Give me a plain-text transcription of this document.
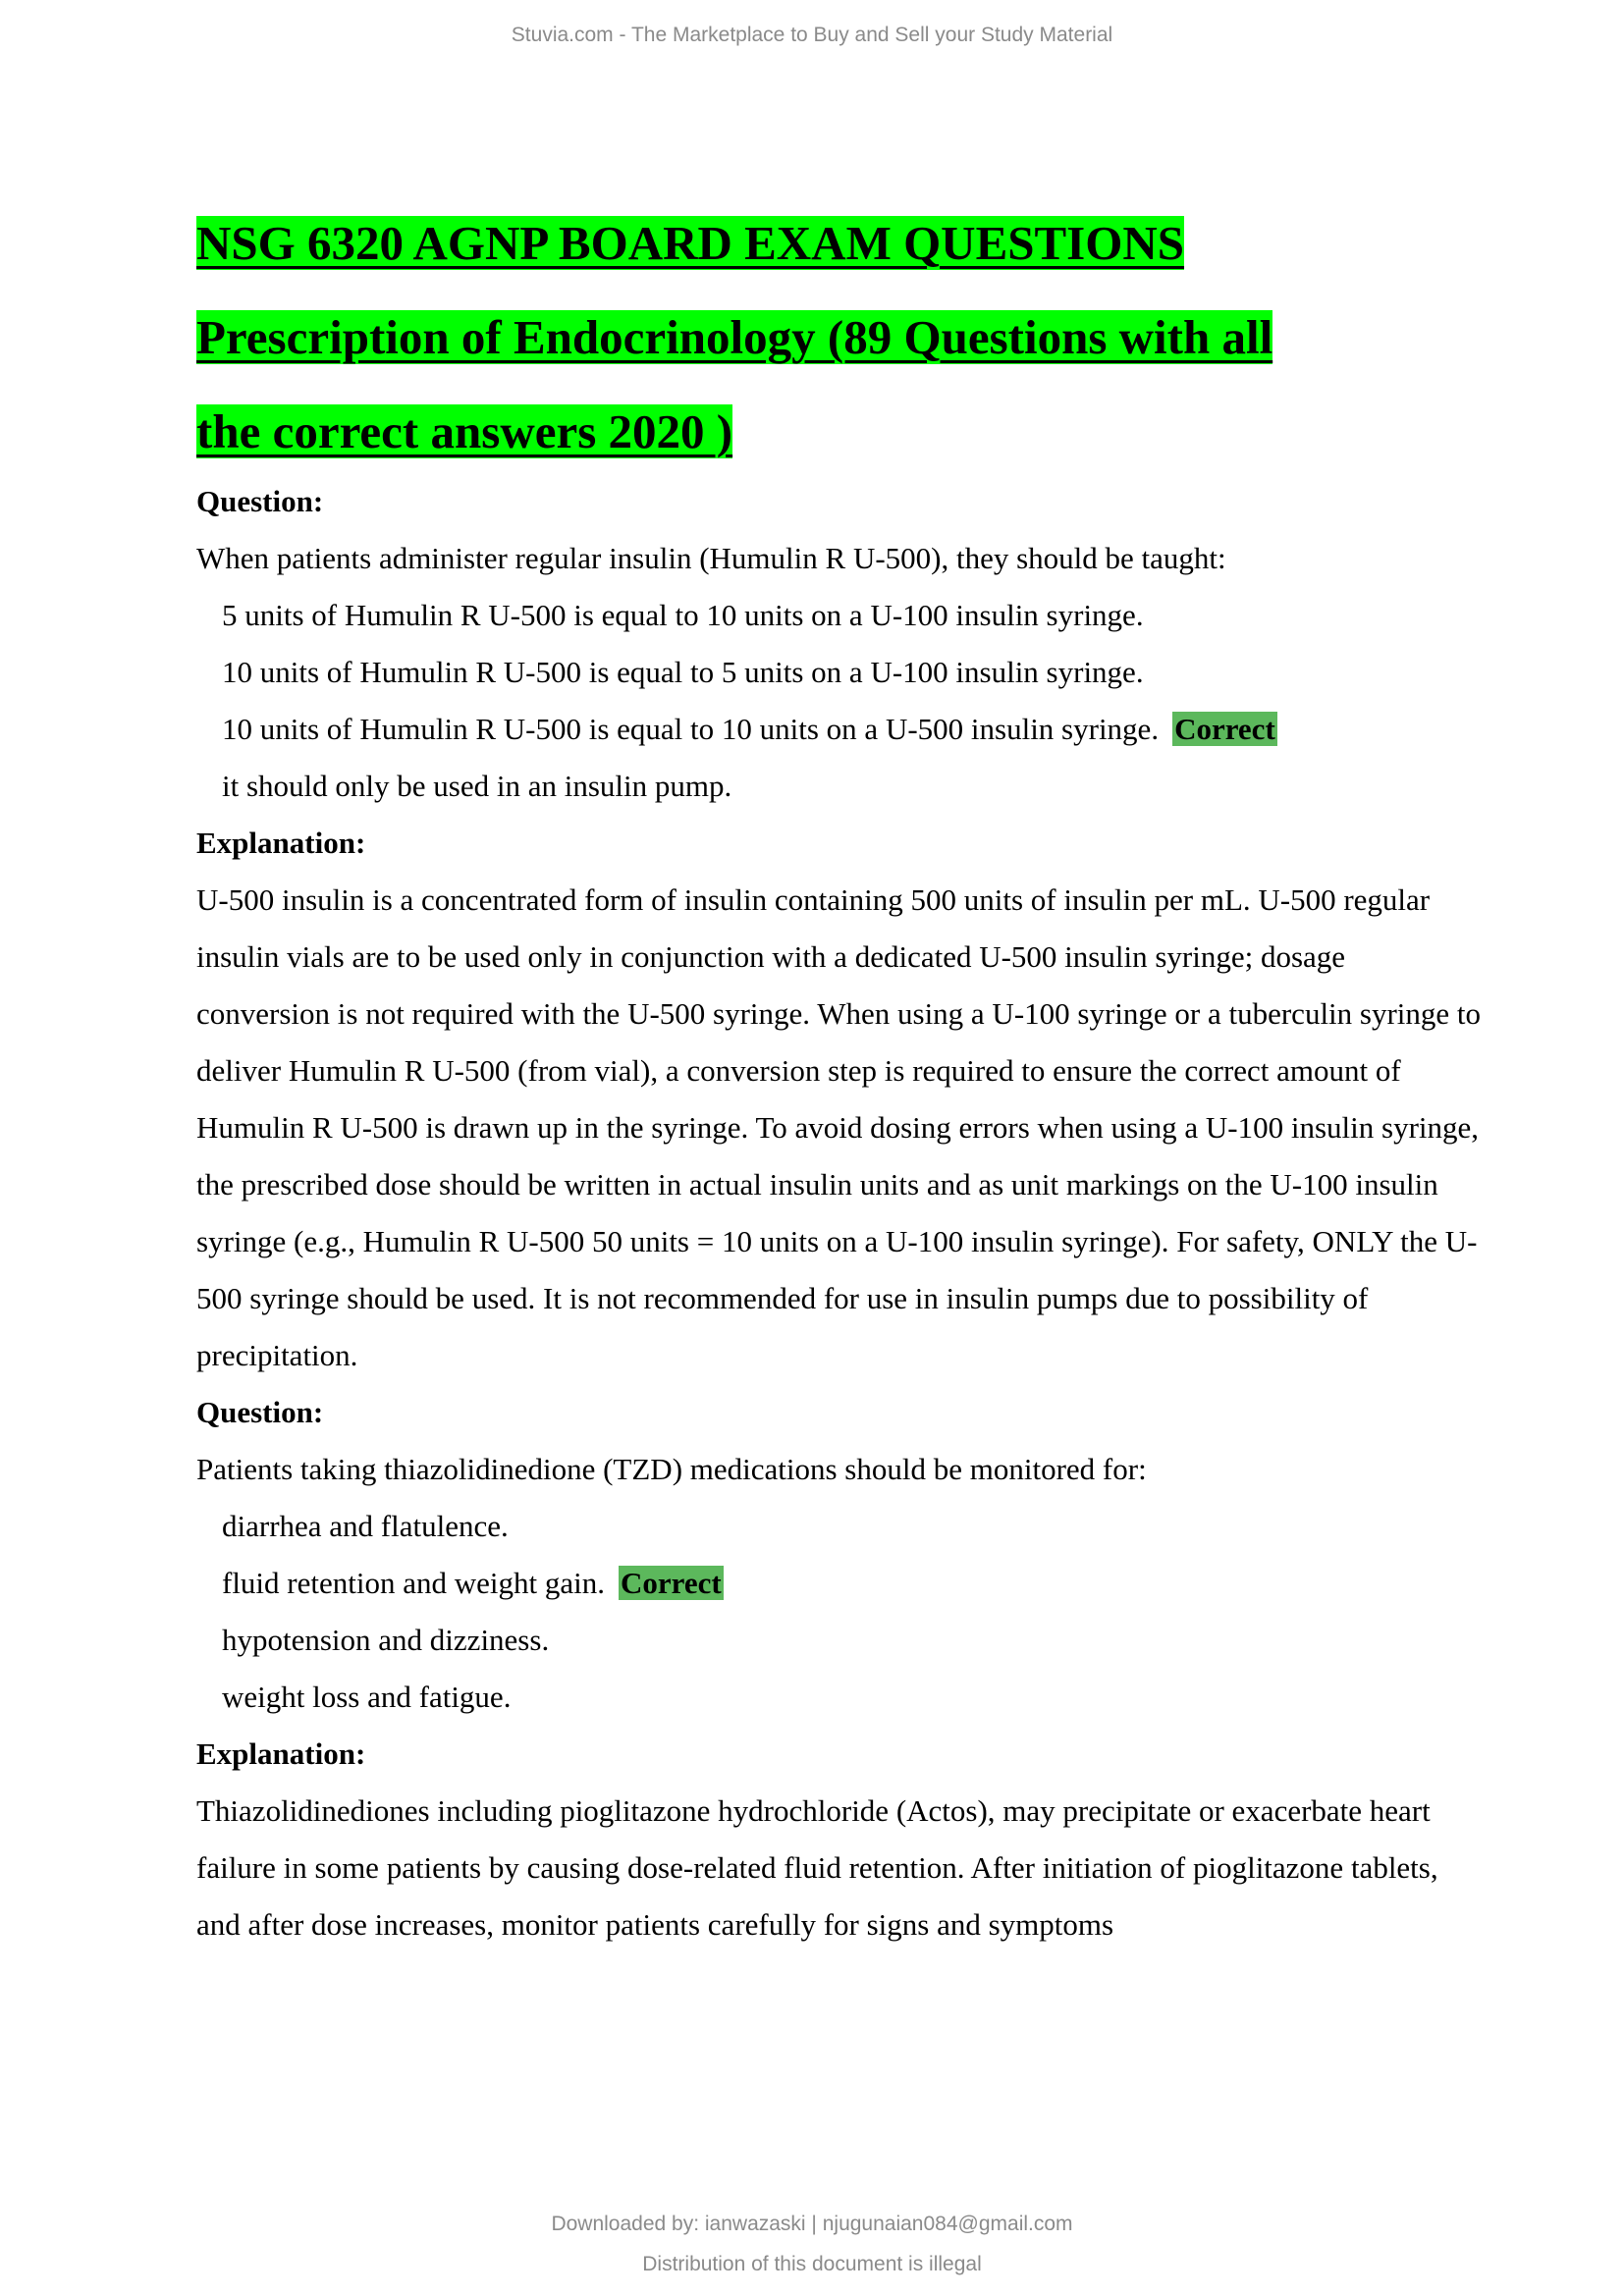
Stuvia.com - The Marketplace to Buy and Sell your Study Material
NSG 6320 AGNP BOARD EXAM QUESTIONS
Prescription of Endocrinology (89 Questions with all
the correct answers 2020 )
Question:
When patients administer regular insulin (Humulin R U-500), they should be taught:
5 units of Humulin R U-500 is equal to 10 units on a U-100 insulin syringe.
10 units of Humulin R U-500 is equal to 5 units on a U-100 insulin syringe.
10 units of Humulin R U-500 is equal to 10 units on a U-500 insulin syringe. Correct
it should only be used in an insulin pump.
Explanation:

U-500 insulin is a concentrated form of insulin containing 500 units of insulin per mL. U-500 regular insulin vials are to be used only in conjunction with a dedicated U-500 insulin syringe; dosage conversion is not required with the U-500 syringe. When using a U-100 syringe or a tuberculin syringe to deliver Humulin R U-500 (from vial), a conversion step is required to ensure the correct amount of Humulin R U-500 is drawn up in the syringe. To avoid dosing errors when using a U-100 insulin syringe, the prescribed dose should be written in actual insulin units and as unit markings on the U-100 insulin syringe (e.g., Humulin R U-500 50 units = 10 units on a U-100 insulin syringe). For safety, ONLY the U-500 syringe should be used. It is not recommended for use in insulin pumps due to possibility of precipitation.

Question:
Patients taking thiazolidinedione (TZD) medications should be monitored for:
diarrhea and flatulence.
fluid retention and weight gain. Correct
hypotension and dizziness.
weight loss and fatigue.
Explanation:

Thiazolidinediones including pioglitazone hydrochloride (Actos), may precipitate or exacerbate heart failure in some patients by causing dose-related fluid retention. After initiation of pioglitazone tablets, and after dose increases, monitor patients carefully for signs and symptoms

Downloaded by: ianwazaski | njugunaian084@gmail.com
Distribution of this document is illegal
